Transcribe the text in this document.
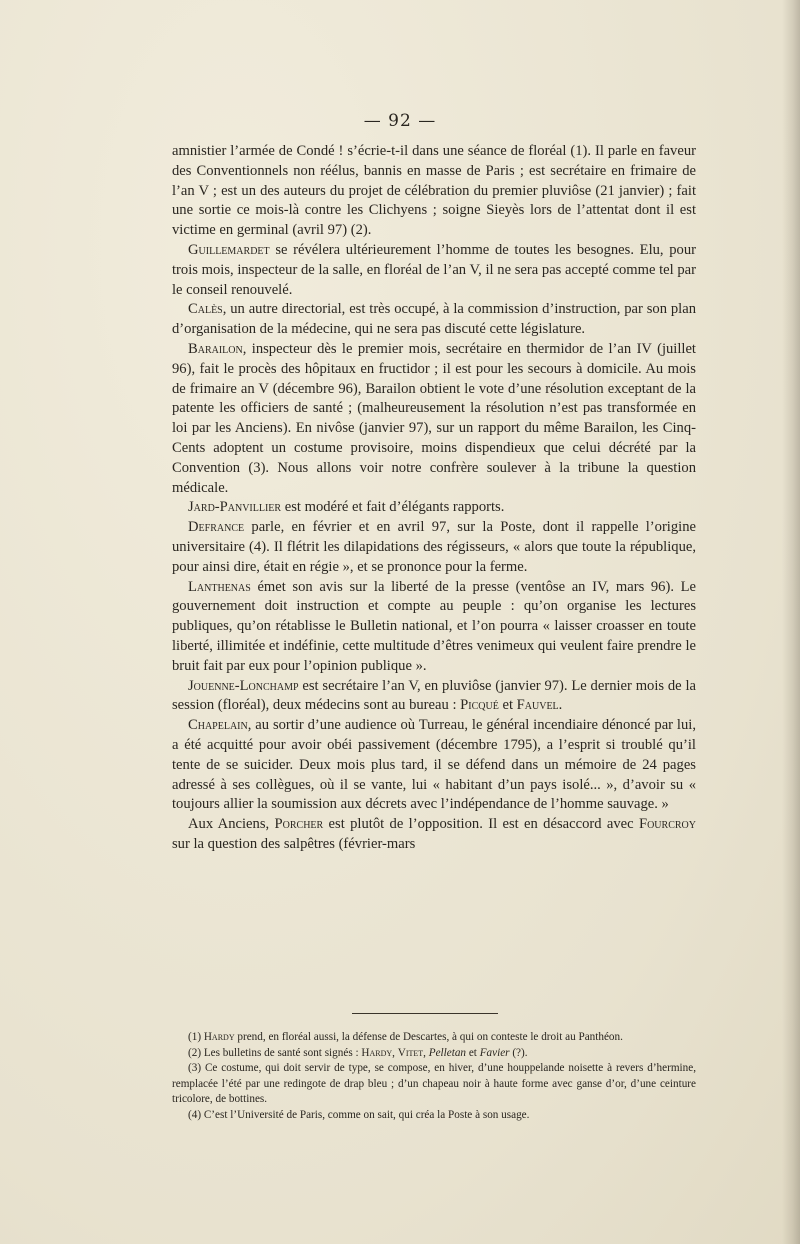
— 92 —

amnistier l’armée de Condé ! s’écrie-t-il dans une séance de floréal (1). Il parle en faveur des Conventionnels non réélus, bannis en masse de Paris ; est secrétaire en frimaire de l’an V ; est un des auteurs du projet de célébration du premier pluviôse (21 janvier) ; fait une sortie ce mois-là contre les Clichyens ; soigne Sieyès lors de l’attentat dont il est victime en germinal (avril 97) (2).

Guillemardet se révélera ultérieurement l’homme de toutes les besognes. Elu, pour trois mois, inspecteur de la salle, en floréal de l’an V, il ne sera pas accepté comme tel par le conseil renouvelé.

Calès, un autre directorial, est très occupé, à la commission d’instruction, par son plan d’organisation de la médecine, qui ne sera pas discuté cette législature.

Barailon, inspecteur dès le premier mois, secrétaire en thermidor de l’an IV (juillet 96), fait le procès des hôpitaux en fructidor ; il est pour les secours à domicile. Au mois de frimaire an V (décembre 96), Barailon obtient le vote d’une résolution exceptant de la patente les officiers de santé ; (malheureusement la résolution n’est pas transformée en loi par les Anciens). En nivôse (janvier 97), sur un rapport du même Barailon, les Cinq-Cents adoptent un costume provisoire, moins dispendieux que celui décrété par la Convention (3). Nous allons voir notre confrère soulever à la tribune la question médicale.

Jard-Panvillier est modéré et fait d’élégants rapports.

Defrance parle, en février et en avril 97, sur la Poste, dont il rappelle l’origine universitaire (4). Il flétrit les dilapidations des régisseurs, « alors que toute la république, pour ainsi dire, était en régie », et se prononce pour la ferme.

Lanthenas émet son avis sur la liberté de la presse (ventôse an IV, mars 96). Le gouvernement doit instruction et compte au peuple : qu’on organise les lectures publiques, qu’on rétablisse le Bulletin national, et l’on pourra « laisser croasser en toute liberté, illimitée et indéfinie, cette multitude d’êtres venimeux qui veulent faire prendre le bruit fait par eux pour l’opinion publique ».

Jouenne-Lonchamp est secrétaire l’an V, en pluviôse (janvier 97). Le dernier mois de la session (floréal), deux médecins sont au bureau : Picqué et Fauvel.

Chapelain, au sortir d’une audience où Turreau, le général incendiaire dénoncé par lui, a été acquitté pour avoir obéi passivement (décembre 1795), a l’esprit si troublé qu’il tente de se suicider. Deux mois plus tard, il se défend dans un mémoire de 24 pages adressé à ses collègues, où il se vante, lui « habitant d’un pays isolé... », d’avoir su « toujours allier la soumission aux décrets avec l’indépendance de l’homme sauvage. »

Aux Anciens, Porcher est plutôt de l’opposition. Il est en désaccord avec Fourcroy sur la question des salpêtres (février-mars

(1) Hardy prend, en floréal aussi, la défense de Descartes, à qui on conteste le droit au Panthéon.

(2) Les bulletins de santé sont signés : Hardy, Vitet, Pelletan et Favier (?).

(3) Ce costume, qui doit servir de type, se compose, en hiver, d’une houppelande noisette à revers d’hermine, remplacée l’été par une redingote de drap bleu ; d’un chapeau noir à haute forme avec ganse d’or, d’une ceinture tricolore, de bottines.

(4) C’est l’Université de Paris, comme on sait, qui créa la Poste à son usage.
